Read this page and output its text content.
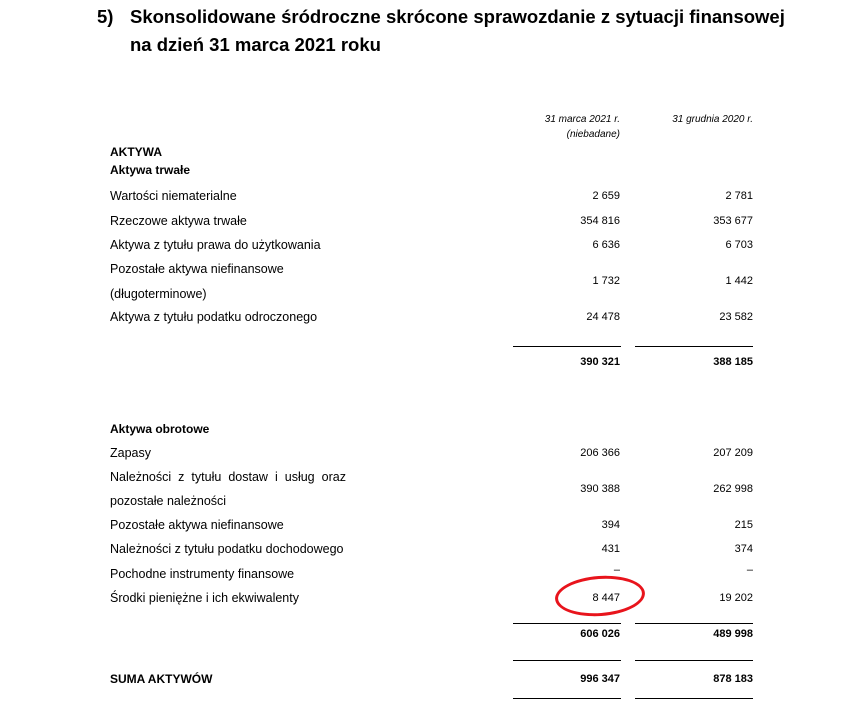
5) Skonsolidowane śródroczne skrócone sprawozdanie z sytuacji finansowej
na dzień 31 marca 2021 roku
31 marca 2021 r.
(niebadane)
31 grudnia 2020 r.
AKTYWA
Aktywa trwałe
Wartości niematerialne	2 659	2 781
Rzeczowe aktywa trwałe	354 816	353 677
Aktywa z tytułu prawa do użytkowania	6 636	6 703
Pozostałe aktywa niefinansowe
(długoterminowe)
1 732	1 442
Aktywa z tytułu podatku odroczonego	24 478	23 582
390 321	388 185
Aktywa obrotowe
Zapasy	206 366	207 209
Należności z tytułu dostaw i usług oraz
pozostałe należności
390 388	262 998
Pozostałe aktywa niefinansowe	394	215
Należności z tytułu podatku dochodowego	431	374
Pochodne instrumenty finansowe	–	–
Środki pieniężne i ich ekwiwalenty	8 447	19 202
606 026	489 998
SUMA AKTYWÓW	996 347	878 183
